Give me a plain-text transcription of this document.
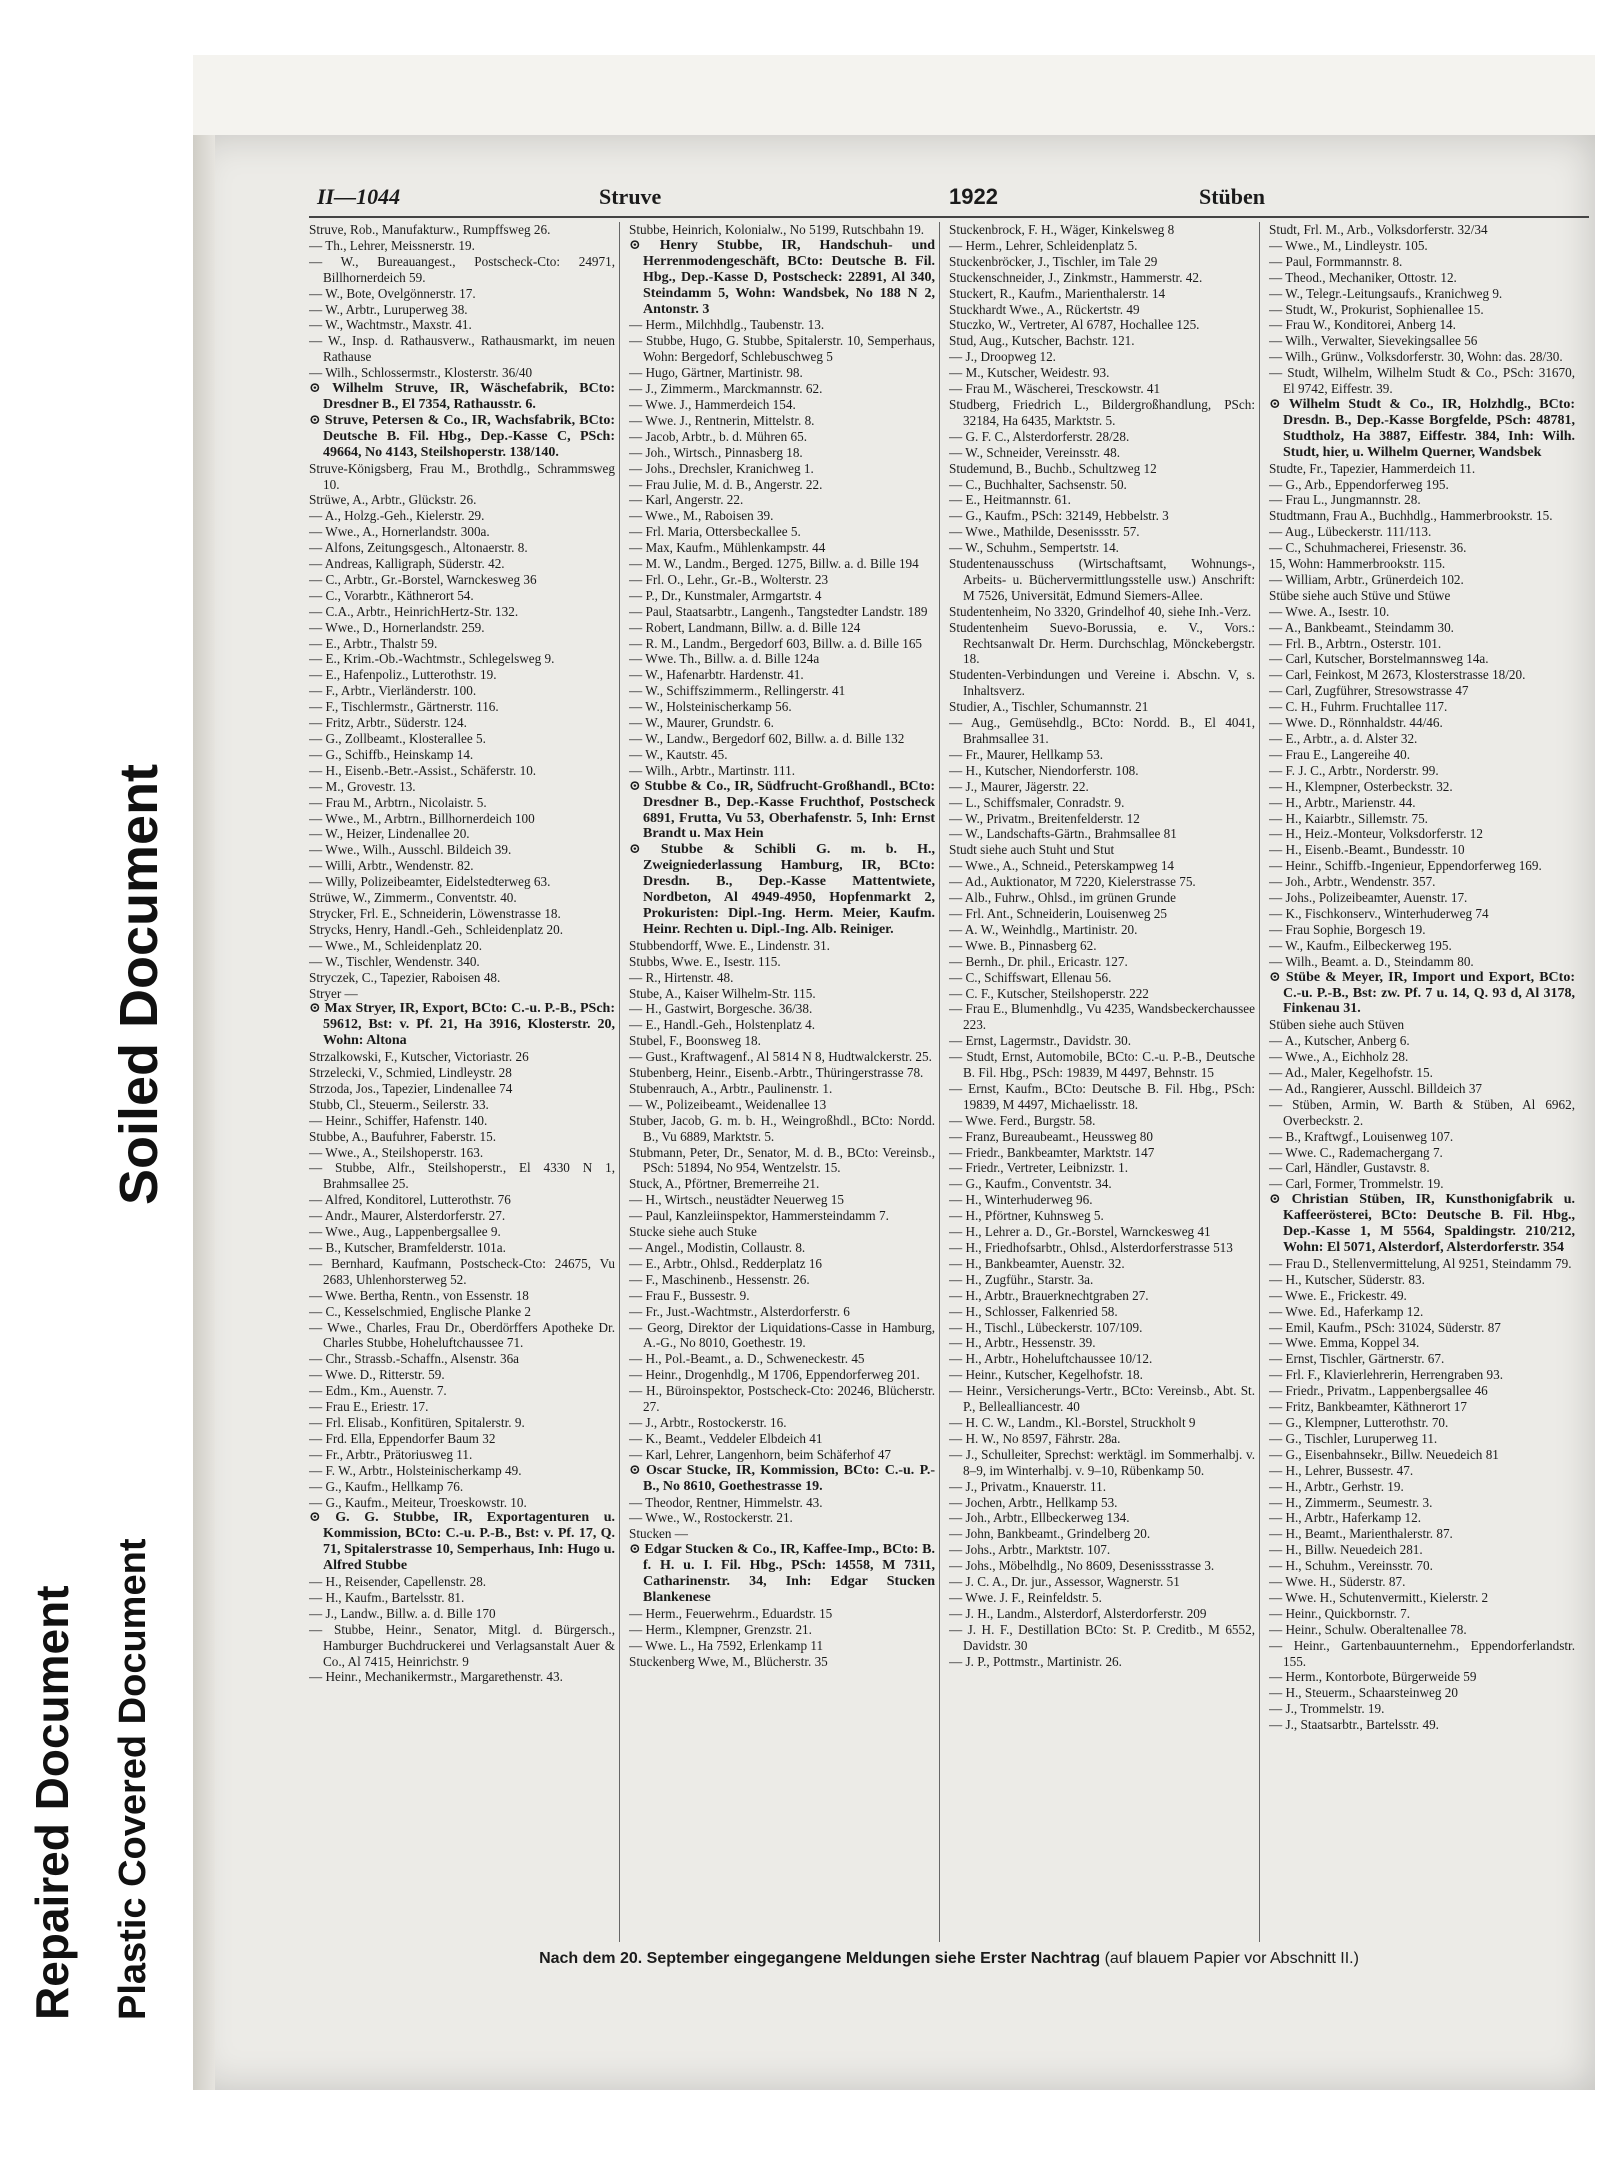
Soiled Document
Repaired Document Plastic Covered Document
II—1044	Struve	1922	Stüben
Struve, Rob., Manufakturw., Rumpffsweg 26.
— Th., Lehrer, Meissnerstr. 19.
— W., Bureauangest., Postscheck-Cto: 24971, Billhornerdeich 59.
— W., Bote, Ovelgönnerstr. 17.
— W., Arbtr., Luruperweg 38.
— W., Wachtmstr., Maxstr. 41.
— W., Insp. d. Rathausverw., Rathausmarkt, im neuen Rathause
— Wilh., Schlossermstr., Klosterstr. 36/40
⊙ Wilhelm Struve, IR, Wäschefabrik, BCto: Dresdner B., El 7354, Rathausstr. 6.
⊙ Struve, Petersen & Co., IR, Wachsfabrik, BCto: Deutsche B. Fil. Hbg., Dep.-Kasse C, PSch: 49664, No 4143, Steilshoperstr. 138/140.
Struve-Königsberg, Frau M., Brothdlg., Schrammsweg 10.
Strüwe, A., Arbtr., Glückstr. 26.
— A., Holzg.-Geh., Kielerstr. 29.
— Wwe., A., Hornerlandstr. 300a.
— Alfons, Zeitungsgesch., Altonaerstr. 8.
— Andreas, Kalligraph, Süderstr. 42.
— C., Arbtr., Gr.-Borstel, Warnckesweg 36
— C., Vorarbtr., Käthnerort 54.
— C.A., Arbtr., HeinrichHertz-Str. 132.
— Wwe., D., Hornerlandstr. 259.
— E., Arbtr., Thalstr 59.
— E., Krim.-Ob.-Wachtmstr., Schlegelsweg 9.
— E., Hafenpoliz., Lutterothstr. 19.
— F., Arbtr., Vierländerstr. 100.
— F., Tischlermstr., Gärtnerstr. 116.
— Fritz, Arbtr., Süderstr. 124.
— G., Zollbeamt., Klosterallee 5.
— G., Schiffb., Heinskamp 14.
— H., Eisenb.-Betr.-Assist., Schäferstr. 10.
— M., Grovestr. 13.
— Frau M., Arbtrn., Nicolaistr. 5.
— Wwe., M., Arbtrn., Billhornerdeich 100
— W., Heizer, Lindenallee 20.
— Wwe., Wilh., Ausschl. Bildeich 39.
— Willi, Arbtr., Wendenstr. 82.
— Willy, Polizeibeamter, Eidelstedterweg 63.
Strüwe, W., Zimmerm., Conventstr. 40.
Strycker, Frl. E., Schneiderin, Löwenstrasse 18.
Strycks, Henry, Handl.-Geh., Schleidenplatz 20.
— Wwe., M., Schleidenplatz 20.
— W., Tischler, Wendenstr. 340.
Stryczek, C., Tapezier, Raboisen 48.
Stryer —
⊙ Max Stryer, IR, Export, BCto: C.-u. P.-B., PSch: 59612, Bst: v. Pf. 21, Ha 3916, Klosterstr. 20, Wohn: Altona
Strzalkowski, F., Kutscher, Victoriastr. 26
Strzelecki, V., Schmied, Lindleystr. 28
Strzoda, Jos., Tapezier, Lindenallee 74
Stubb, Cl., Steuerm., Seilerstr. 33.
— Heinr., Schiffer, Hafenstr. 140.
Stubbe, A., Baufuhrer, Faberstr. 15.
— Wwe., A., Steilshoperstr. 163.
— Stubbe, Alfr., Steilshoperstr., El 4330 N 1, Brahmsallee 25.
— Alfred, Konditorel, Lutterothstr. 76
— Andr., Maurer, Alsterdorferstr. 27.
— Wwe., Aug., Lappenbergsallee 9.
— B., Kutscher, Bramfelderstr. 101a.
— Bernhard, Kaufmann, Postscheck-Cto: 24675, Vu 2683, Uhlenhorsterweg 52.
— Wwe. Bertha, Rentn., von Essenstr. 18
— C., Kesselschmied, Englische Planke 2
— Wwe., Charles, Frau Dr., Oberdörffers Apotheke Dr. Charles Stubbe, Hoheluftchaussee 71.
— Chr., Strassb.-Schaffn., Alsenstr. 36a
— Wwe. D., Ritterstr. 59.
— Edm., Km., Auenstr. 7.
— Frau E., Eriestr. 17.
— Frl. Elisab., Konfitüren, Spitalerstr. 9.
— Frd. Ella, Eppendorfer Baum 32
— Fr., Arbtr., Prätoriusweg 11.
— F. W., Arbtr., Holsteinischerkamp 49.
— G., Kaufm., Hellkamp 76.
— G., Kaufm., Meiteur, Troeskowstr. 10.
⊙ G. G. Stubbe, IR, Exportagenturen u. Kommission, BCto: C.-u. P.-B., Bst: v. Pf. 17, Q. 71, Spitalerstrasse 10, Semperhaus, Inh: Hugo u. Alfred Stubbe
— H., Reisender, Capellenstr. 28.
— H., Kaufm., Bartelsstr. 81.
— J., Landw., Billw. a. d. Bille 170
— Stubbe, Heinr., Senator, Mitgl. d. Bürgersch., Hamburger Buchdruckerei und Verlagsanstalt Auer & Co., Al 7415, Heinrichstr. 9
— Heinr., Mechanikermstr., Margarethenstr. 43.
Stubbe, Heinrich, Kolonialw., No 5199, Rutschbahn 19.
⊙ Henry Stubbe, IR, Handschuh- und Herrenmodengeschäft, BCto: Deutsche B. Fil. Hbg., Dep.-Kasse D, Postscheck: 22891, Al 340, Steindamm 5, Wohn: Wandsbek, No 188 N 2, Antonstr. 3
— Herm., Milchhdlg., Taubenstr. 13.
— Stubbe, Hugo, G. Stubbe, Spitalerstr. 10, Semperhaus, Wohn: Bergedorf, Schlebuschweg 5
— Hugo, Gärtner, Martinistr. 98.
— J., Zimmerm., Marckmannstr. 62.
— Wwe. J., Hammerdeich 154.
— Wwe. J., Rentnerin, Mittelstr. 8.
— Jacob, Arbtr., b. d. Mühren 65.
— Joh., Wirtsch., Pinnasberg 18.
— Johs., Drechsler, Kranichweg 1.
— Frau Julie, M. d. B., Angerstr. 22.
— Karl, Angerstr. 22.
— Wwe., M., Raboisen 39.
— Frl. Maria, Ottersbeckallee 5.
— Max, Kaufm., Mühlenkampstr. 44
— M. W., Landm., Berged. 1275, Billw. a. d. Bille 194
— Frl. O., Lehr., Gr.-B., Wolterstr. 23
— P., Dr., Kunstmaler, Armgartstr. 4
— Paul, Staatsarbtr., Langenh., Tangstedter Landstr. 189
— Robert, Landmann, Billw. a. d. Bille 124
— R. M., Landm., Bergedorf 603, Billw. a. d. Bille 165
— Wwe. Th., Billw. a. d. Bille 124a
— W., Hafenarbtr. Hardenstr. 41.
— W., Schiffszimmerm., Rellingerstr. 41
— W., Holsteinischerkamp 56.
— W., Maurer, Grundstr. 6.
— W., Landw., Bergedorf 602, Billw. a. d. Bille 132
— W., Kautstr. 45.
— Wilh., Arbtr., Martinstr. 111.
⊙ Stubbe & Co., IR, Südfrucht-Großhandl., BCto: Dresdner B., Dep.-Kasse Fruchthof, Postscheck 6891, Frutta, Vu 53, Oberhafenstr. 5, Inh: Ernst Brandt u. Max Hein
⊙ Stubbe & Schibli G. m. b. H., Zweigniederlassung Hamburg, IR, BCto: Dresdn. B., Dep.-Kasse Mattentwiete, Nordbeton, Al 4949-4950, Hopfenmarkt 2, Prokuristen: Dipl.-Ing. Herm. Meier, Kaufm. Heinr. Rechten u. Dipl.-Ing. Alb. Reiniger.
Stubbendorff, Wwe. E., Lindenstr. 31.
Stubbs, Wwe. E., Isestr. 115.
— R., Hirtenstr. 48.
Stube, A., Kaiser Wilhelm-Str. 115.
— H., Gastwirt, Borgesche. 36/38.
— E., Handl.-Geh., Holstenplatz 4.
Stubel, F., Boonsweg 18.
— Gust., Kraftwagenf., Al 5814 N 8, Hudtwalckerstr. 25.
Stubenberg, Heinr., Eisenb.-Arbtr., Thüringerstrasse 78.
Stubenrauch, A., Arbtr., Paulinenstr. 1.
— W., Polizeibeamt., Weidenallee 13
Stuber, Jacob, G. m. b. H., Weingroßhdl., BCto: Nordd. B., Vu 6889, Marktstr. 5.
Stubmann, Peter, Dr., Senator, M. d. B., BCto: Vereinsb., PSch: 51894, No 954, Wentzelstr. 15.
Stuck, A., Pförtner, Bremerreihe 21.
— H., Wirtsch., neustädter Neuerweg 15
— Paul, Kanzleiinspektor, Hammersteindamm 7.
Stucke siehe auch Stuke
— Angel., Modistin, Collaustr. 8.
— E., Arbtr., Ohlsd., Redderplatz 16
— F., Maschinenb., Hessenstr. 26.
— Frau F., Bussestr. 9.
— Fr., Just.-Wachtmstr., Alsterdorferstr. 6
— Georg, Direktor der Liquidations-Casse in Hamburg, A.-G., No 8010, Goethestr. 19.
— H., Pol.-Beamt., a. D., Schweneckestr. 45
— Heinr., Drogenhdlg., M 1706, Eppendorferweg 201.
— H., Büroinspektor, Postscheck-Cto: 20246, Blücherstr. 27.
— J., Arbtr., Rostockerstr. 16.
— K., Beamt., Veddeler Elbdeich 41
— Karl, Lehrer, Langenhorn, beim Schäferhof 47
⊙ Oscar Stucke, IR, Kommission, BCto: C.-u. P.-B., No 8610, Goethestrasse 19.
— Theodor, Rentner, Himmelstr. 43.
— Wwe., W., Rostockerstr. 21.
Stucken —
⊙ Edgar Stucken & Co., IR, Kaffee-Imp., BCto: B. f. H. u. I. Fil. Hbg., PSch: 14558, M 7311, Catharinenstr. 34, Inh: Edgar Stucken Blankenese
— Herm., Feuerwehrm., Eduardstr. 15
— Herm., Klempner, Grenzstr. 21.
— Wwe. L., Ha 7592, Erlenkamp 11
Stuckenberg Wwe, M., Blücherstr. 35
Stuckenbrock, F. H., Wäger, Kinkelsweg 8
— Herm., Lehrer, Schleidenplatz 5.
Stuckenbröcker, J., Tischler, im Tale 29
Stuckenschneider, J., Zinkmstr., Hammerstr. 42.
Stuckert, R., Kaufm., Marienthalerstr. 14
Stuckhardt Wwe., A., Rückertstr. 49
Stuczko, W., Vertreter, Al 6787, Hochallee 125.
Stud, Aug., Kutscher, Bachstr. 121.
— J., Droopweg 12.
— M., Kutscher, Weidestr. 93.
— Frau M., Wäscherei, Tresckowstr. 41
Studberg, Friedrich L., Bildergroßhandlung, PSch: 32184, Ha 6435, Marktstr. 5.
— G. F. C., Alsterdorferstr. 28/28.
— W., Schneider, Vereinsstr. 48.
Studemund, B., Buchb., Schultzweg 12
— C., Buchhalter, Sachsenstr. 50.
— E., Heitmannstr. 61.
— G., Kaufm., PSch: 32149, Hebbelstr. 3
— Wwe., Mathilde, Desenissstr. 57.
— W., Schuhm., Sempertstr. 14.
Studentenausschuss (Wirtschaftsamt, Wohnungs-, Arbeits- u. Büchervermittlungsstelle usw.) Anschrift: M 7526, Universität, Edmund Siemers-Allee.
Studentenheim, No 3320, Grindelhof 40, siehe Inh.-Verz.
Studentenheim Suevo-Borussia, e. V., Vors.: Rechtsanwalt Dr. Herm. Durchschlag, Mönckebergstr. 18.
Studenten-Verbindungen und Vereine i. Abschn. V, s. Inhaltsverz.
Studier, A., Tischler, Schumannstr. 21
— Aug., Gemüsehdlg., BCto: Nordd. B., El 4041, Brahmsallee 31.
— Fr., Maurer, Hellkamp 53.
— H., Kutscher, Niendorferstr. 108.
— J., Maurer, Jägerstr. 22.
— L., Schiffsmaler, Conradstr. 9.
— W., Privatm., Breitenfelderstr. 12
— W., Landschafts-Gärtn., Brahmsallee 81
Studt siehe auch Stuht und Stut
— Wwe., A., Schneid., Peterskampweg 14
— Ad., Auktionator, M 7220, Kielerstrasse 75.
— Alb., Fuhrw., Ohlsd., im grünen Grunde
— Frl. Ant., Schneiderin, Louisenweg 25
— A. W., Weinhdlg., Martinistr. 20.
— Wwe. B., Pinnasberg 62.
— Bernh., Dr. phil., Ericastr. 127.
— C., Schiffswart, Ellenau 56.
— C. F., Kutscher, Steilshoperstr. 222
— Frau E., Blumenhdlg., Vu 4235, Wandsbeckerchaussee 223.
— Ernst, Lagermstr., Davidstr. 30.
— Studt, Ernst, Automobile, BCto: C.-u. P.-B., Deutsche B. Fil. Hbg., PSch: 19839, M 4497, Behnstr. 15
— Ernst, Kaufm., BCto: Deutsche B. Fil. Hbg., PSch: 19839, M 4497, Michaelisstr. 18.
— Wwe. Ferd., Burgstr. 58.
— Franz, Bureaubeamt., Heussweg 80
— Friedr., Bankbeamter, Marktstr. 147
— Friedr., Vertreter, Leibnizstr. 1.
— G., Kaufm., Conventstr. 34.
— H., Winterhuderweg 96.
— H., Pförtner, Kuhnsweg 5.
— H., Lehrer a. D., Gr.-Borstel, Warnckesweg 41
— H., Friedhofsarbtr., Ohlsd., Alsterdorferstrasse 513
— H., Bankbeamter, Auenstr. 32.
— H., Zugführ., Starstr. 3a.
— H., Arbtr., Brauerknechtgraben 27.
— H., Schlosser, Falkenried 58.
— H., Tischl., Lübeckerstr. 107/109.
— H., Arbtr., Hessenstr. 39.
— H., Arbtr., Hoheluftchaussee 10/12.
— Heinr., Kutscher, Kegelhofstr. 18.
— Heinr., Versicherungs-Vertr., BCto: Vereinsb., Abt. St. P., Bellealliancestr. 40
— H. C. W., Landm., Kl.-Borstel, Struckholt 9
— H. W., No 8597, Fährstr. 28a.
— J., Schulleiter, Sprechst: werktägl. im Sommerhalbj. v. 8–9, im Winterhalbj. v. 9–10, Rübenkamp 50.
— J., Privatm., Knauerstr. 11.
— Jochen, Arbtr., Hellkamp 53.
— Joh., Arbtr., Ellbeckerweg 134.
— John, Bankbeamt., Grindelberg 20.
— Johs., Arbtr., Marktstr. 107.
— Johs., Möbelhdlg., No 8609, Desenissstrasse 3.
— J. C. A., Dr. jur., Assessor, Wagnerstr. 51
— Wwe. J. F., Reinfeldstr. 5.
— J. H., Landm., Alsterdorf, Alsterdorferstr. 209
— J. H. F., Destillation BCto: St. P. Creditb., M 6552, Davidstr. 30
— J. P., Pottmstr., Martinistr. 26.
Studt, Frl. M., Arb., Volksdorferstr. 32/34
— Wwe., M., Lindleystr. 105.
— Paul, Formmannstr. 8.
— Theod., Mechaniker, Ottostr. 12.
— W., Telegr.-Leitungsaufs., Kranichweg 9.
— Studt, W., Prokurist, Sophienallee 15.
— Frau W., Konditorei, Anberg 14.
— Wilh., Verwalter, Sievekingsallee 56
— Wilh., Grünw., Volksdorferstr. 30, Wohn: das. 28/30.
— Studt, Wilhelm, Wilhelm Studt & Co., PSch: 31670, El 9742, Eiffestr. 39.
⊙ Wilhelm Studt & Co., IR, Holzhdlg., BCto: Dresdn. B., Dep.-Kasse Borgfelde, PSch: 48781, Studtholz, Ha 3887, Eiffestr. 384, Inh: Wilh. Studt, hier, u. Wilhelm Querner, Wandsbek
Studte, Fr., Tapezier, Hammerdeich 11.
— G., Arb., Eppendorferweg 195.
— Frau L., Jungmannstr. 28.
Studtmann, Frau A., Buchhdlg., Hammerbrookstr. 15.
— Aug., Lübeckerstr. 111/113.
— C., Schuhmacherei, Friesenstr. 36.
15, Wohn: Hammerbrookstr. 115.
— William, Arbtr., Grünerdeich 102.
Stübe siehe auch Stüve und Stüwe
— Wwe. A., Isestr. 10.
— A., Bankbeamt., Steindamm 30.
— Frl. B., Arbtrn., Osterstr. 101.
— Carl, Kutscher, Borstelmannsweg 14a.
— Carl, Feinkost, M 2673, Klosterstrasse 18/20.
— Carl, Zugführer, Stresowstrasse 47
— C. H., Fuhrm. Fruchtallee 117.
— Wwe. D., Rönnhaldstr. 44/46.
— E., Arbtr., a. d. Alster 32.
— Frau E., Langereihe 40.
— F. J. C., Arbtr., Norderstr. 99.
— H., Klempner, Osterbeckstr. 32.
— H., Arbtr., Marienstr. 44.
— H., Kaiarbtr., Sillemstr. 75.
— H., Heiz.-Monteur, Volksdorferstr. 12
— H., Eisenb.-Beamt., Bundesstr. 10
— Heinr., Schiffb.-Ingenieur, Eppendorferweg 169.
— Joh., Arbtr., Wendenstr. 357.
— Johs., Polizeibeamter, Auenstr. 17.
— K., Fischkonserv., Winterhuderweg 74
— Frau Sophie, Borgesch 19.
— W., Kaufm., Eilbeckerweg 195.
— Wilh., Beamt. a. D., Steindamm 80.
⊙ Stübe & Meyer, IR, Import und Export, BCto: C.-u. P.-B., Bst: zw. Pf. 7 u. 14, Q. 93 d, Al 3178, Finkenau 31.
Stüben siehe auch Stüven
— A., Kutscher, Anberg 6.
— Wwe., A., Eichholz 28.
— Ad., Maler, Kegelhofstr. 15.
— Ad., Rangierer, Ausschl. Billdeich 37
— Stüben, Armin, W. Barth & Stüben, Al 6962, Overbeckstr. 2.
— B., Kraftwgf., Louisenweg 107.
— Wwe. C., Rademachergang 7.
— Carl, Händler, Gustavstr. 8.
— Carl, Former, Trommelstr. 19.
⊙ Christian Stüben, IR, Kunsthonigfabrik u. Kaffeerösterei, BCto: Deutsche B. Fil. Hbg., Dep.-Kasse 1, M 5564, Spaldingstr. 210/212, Wohn: El 5071, Alsterdorf, Alsterdorferstr. 354
— Frau D., Stellenvermittelung, Al 9251, Steindamm 79.
— H., Kutscher, Süderstr. 83.
— Wwe. E., Frickestr. 49.
— Wwe. Ed., Haferkamp 12.
— Emil, Kaufm., PSch: 31024, Süderstr. 87
— Wwe. Emma, Koppel 34.
— Ernst, Tischler, Gärtnerstr. 67.
— Frl. F., Klavierlehrerin, Herrengraben 93.
— Friedr., Privatm., Lappenbergsallee 46
— Fritz, Bankbeamter, Käthnerort 17
— G., Klempner, Lutterothstr. 70.
— G., Tischler, Luruperweg 11.
— G., Eisenbahnsekr., Billw. Neuedeich 81
— H., Lehrer, Bussestr. 47.
— H., Arbtr., Gerhstr. 19.
— H., Zimmerm., Seumestr. 3.
— H., Arbtr., Haferkamp 12.
— H., Beamt., Marienthalerstr. 87.
— H., Billw. Neuedeich 281.
— H., Schuhm., Vereinsstr. 70.
— Wwe. H., Süderstr. 87.
— Wwe. H., Schutenvermitt., Kielerstr. 2
— Heinr., Quickbornstr. 7.
— Heinr., Schulw. Oberaltenallee 78.
— Heinr., Gartenbauunternehm., Eppendorferlandstr. 155.
— Herm., Kontorbote, Bürgerweide 59
— H., Steuerm., Schaarsteinweg 20
— J., Trommelstr. 19.
— J., Staatsarbtr., Bartelsstr. 49.
Nach dem 20. September eingegangene Meldungen siehe Erster Nachtrag (auf blauem Papier vor Abschnitt II.)
